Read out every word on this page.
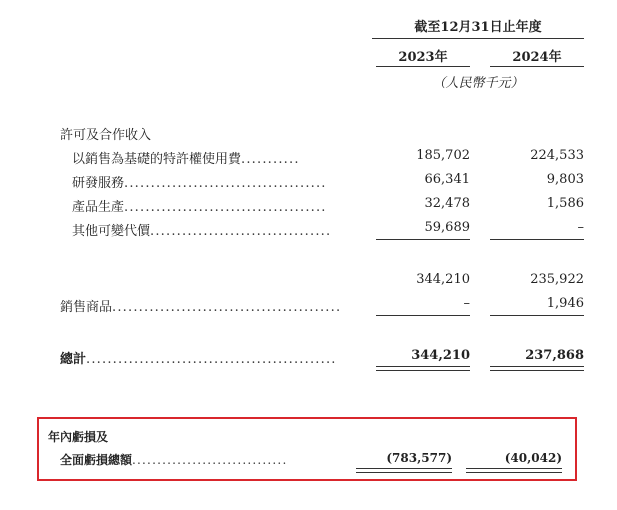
截至12月31日止年度
2023年	2024年
（人民幣千元）
許可及合作收入
以銷售為基礎的特許權使用費...........	185,702	224,533
研發服務......................................	66,341	9,803
產品生產......................................	32,478	1,586
其他可變代價..................................	59,689	–
344,210	235,922
銷售商品...........................................	–	1,946
總計...............................................	344,210	237,868
年內虧損及
全面虧損總額...............................	(783,577)	(40,042)
